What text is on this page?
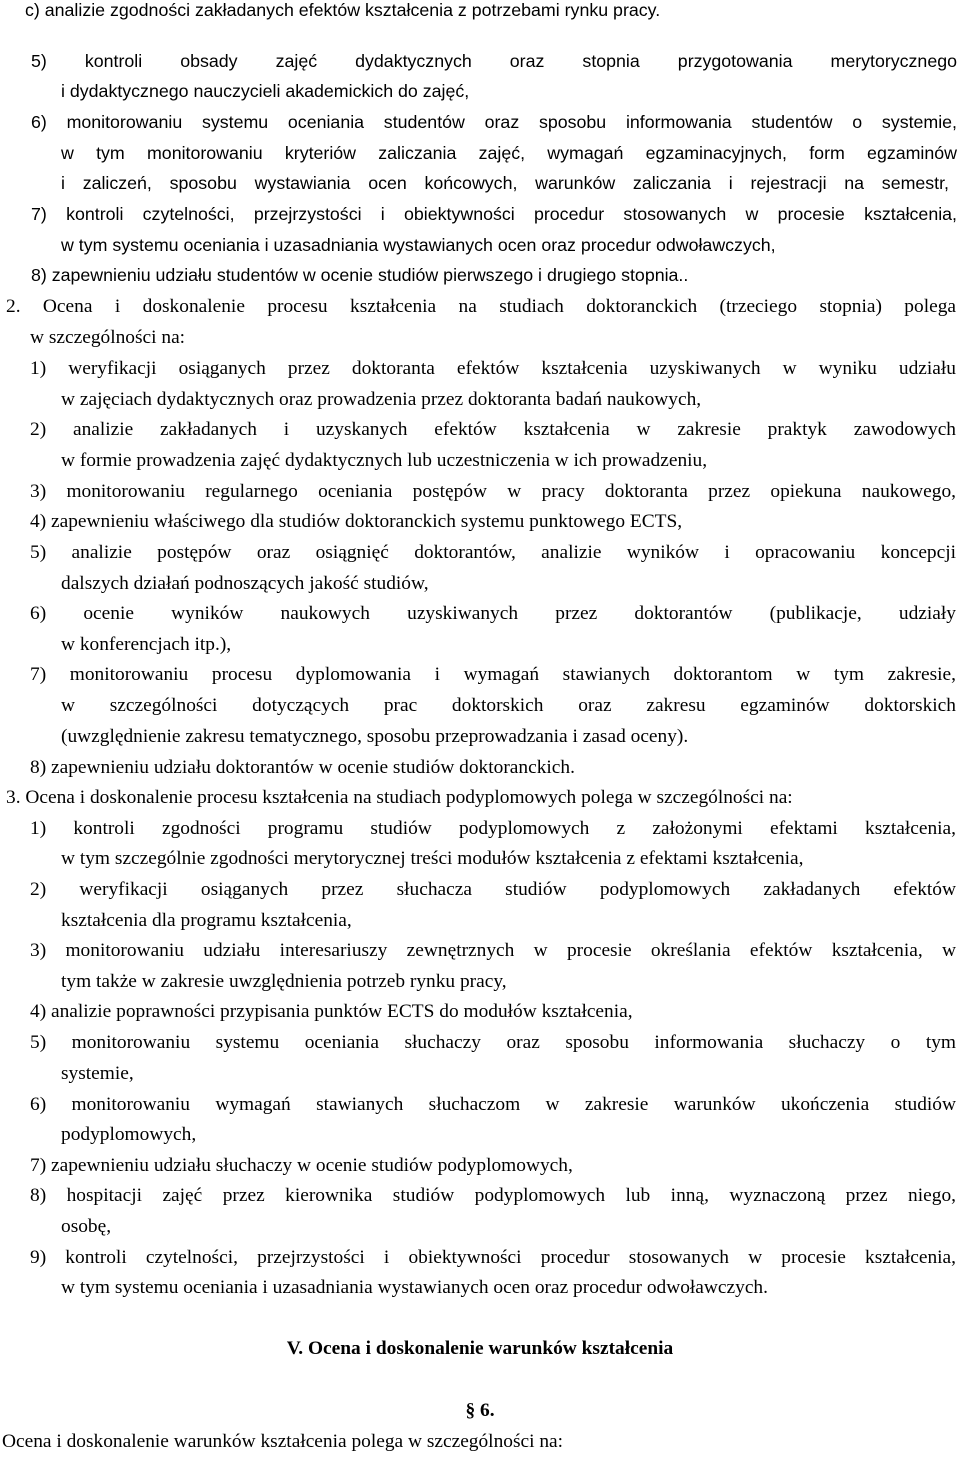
c) analizie zgodności zakładanych efektów kształcenia z potrzebami rynku pracy.
5) kontroli obsady zajęć dydaktycznych oraz stopnia przygotowania merytorycznego
i dydaktycznego nauczycieli akademickich do zajęć,
6) monitorowaniu systemu oceniania studentów oraz sposobu informowania studentów o systemie,
w tym monitorowaniu kryteriów zaliczania zajęć, wymagań egzaminacyjnych, form egzaminów
i zaliczeń, sposobu wystawiania ocen końcowych, warunków zaliczania i rejestracji na semestr,
7) kontroli czytelności, przejrzystości i obiektywności procedur stosowanych w procesie kształcenia,
w tym systemu oceniania i uzasadniania wystawianych ocen oraz procedur odwoławczych,
8) zapewnieniu udziału studentów w ocenie studiów pierwszego i drugiego stopnia..
2. Ocena i doskonalenie procesu kształcenia na studiach doktoranckich (trzeciego stopnia) polega
w szczególności na:
1) weryfikacji osiąganych przez doktoranta efektów kształcenia uzyskiwanych w wyniku udziału
w zajęciach dydaktycznych oraz prowadzenia przez doktoranta badań naukowych,
2) analizie zakładanych i uzyskanych efektów kształcenia w zakresie praktyk zawodowych
w formie prowadzenia zajęć dydaktycznych lub uczestniczenia w ich prowadzeniu,
3) monitorowaniu regularnego oceniania postępów w pracy doktoranta przez opiekuna naukowego,
4) zapewnieniu właściwego dla studiów doktoranckich systemu punktowego ECTS,
5) analizie postępów oraz osiągnięć doktorantów, analizie wyników i opracowaniu koncepcji
dalszych działań podnoszących jakość studiów,
6) ocenie wyników naukowych uzyskiwanych przez doktorantów (publikacje, udziały
w konferencjach itp.),
7) monitorowaniu procesu dyplomowania i wymagań stawianych doktorantom w tym zakresie,
w szczególności dotyczących prac doktorskich oraz zakresu egzaminów doktorskich
(uwzględnienie zakresu tematycznego, sposobu przeprowadzania i zasad oceny).
8) zapewnieniu udziału doktorantów w ocenie studiów doktoranckich.
3. Ocena i doskonalenie procesu kształcenia na studiach podyplomowych polega w szczególności na:
1) kontroli zgodności programu studiów podyplomowych z założonymi efektami kształcenia,
w tym szczególnie zgodności merytorycznej treści modułów kształcenia z efektami kształcenia,
2) weryfikacji osiąganych przez słuchacza studiów podyplomowych zakładanych efektów
kształcenia dla programu kształcenia,
3) monitorowaniu udziału interesariuszy zewnętrznych w procesie określania efektów kształcenia, w
tym także w zakresie uwzględnienia potrzeb rynku pracy,
4) analizie poprawności przypisania punktów ECTS do modułów kształcenia,
5) monitorowaniu systemu oceniania słuchaczy oraz sposobu informowania słuchaczy o tym
systemie,
6) monitorowaniu wymagań stawianych słuchaczom w zakresie warunków ukończenia studiów
podyplomowych,
7) zapewnieniu udziału słuchaczy w ocenie studiów podyplomowych,
8) hospitacji zajęć przez kierownika studiów podyplomowych lub inną, wyznaczoną przez niego,
osobę,
9) kontroli czytelności, przejrzystości i obiektywności procedur stosowanych w procesie kształcenia,
w tym systemu oceniania i uzasadniania wystawianych ocen oraz procedur odwoławczych.
V. Ocena i doskonalenie warunków kształcenia
§ 6.
Ocena i doskonalenie warunków kształcenia polega w szczególności na:
